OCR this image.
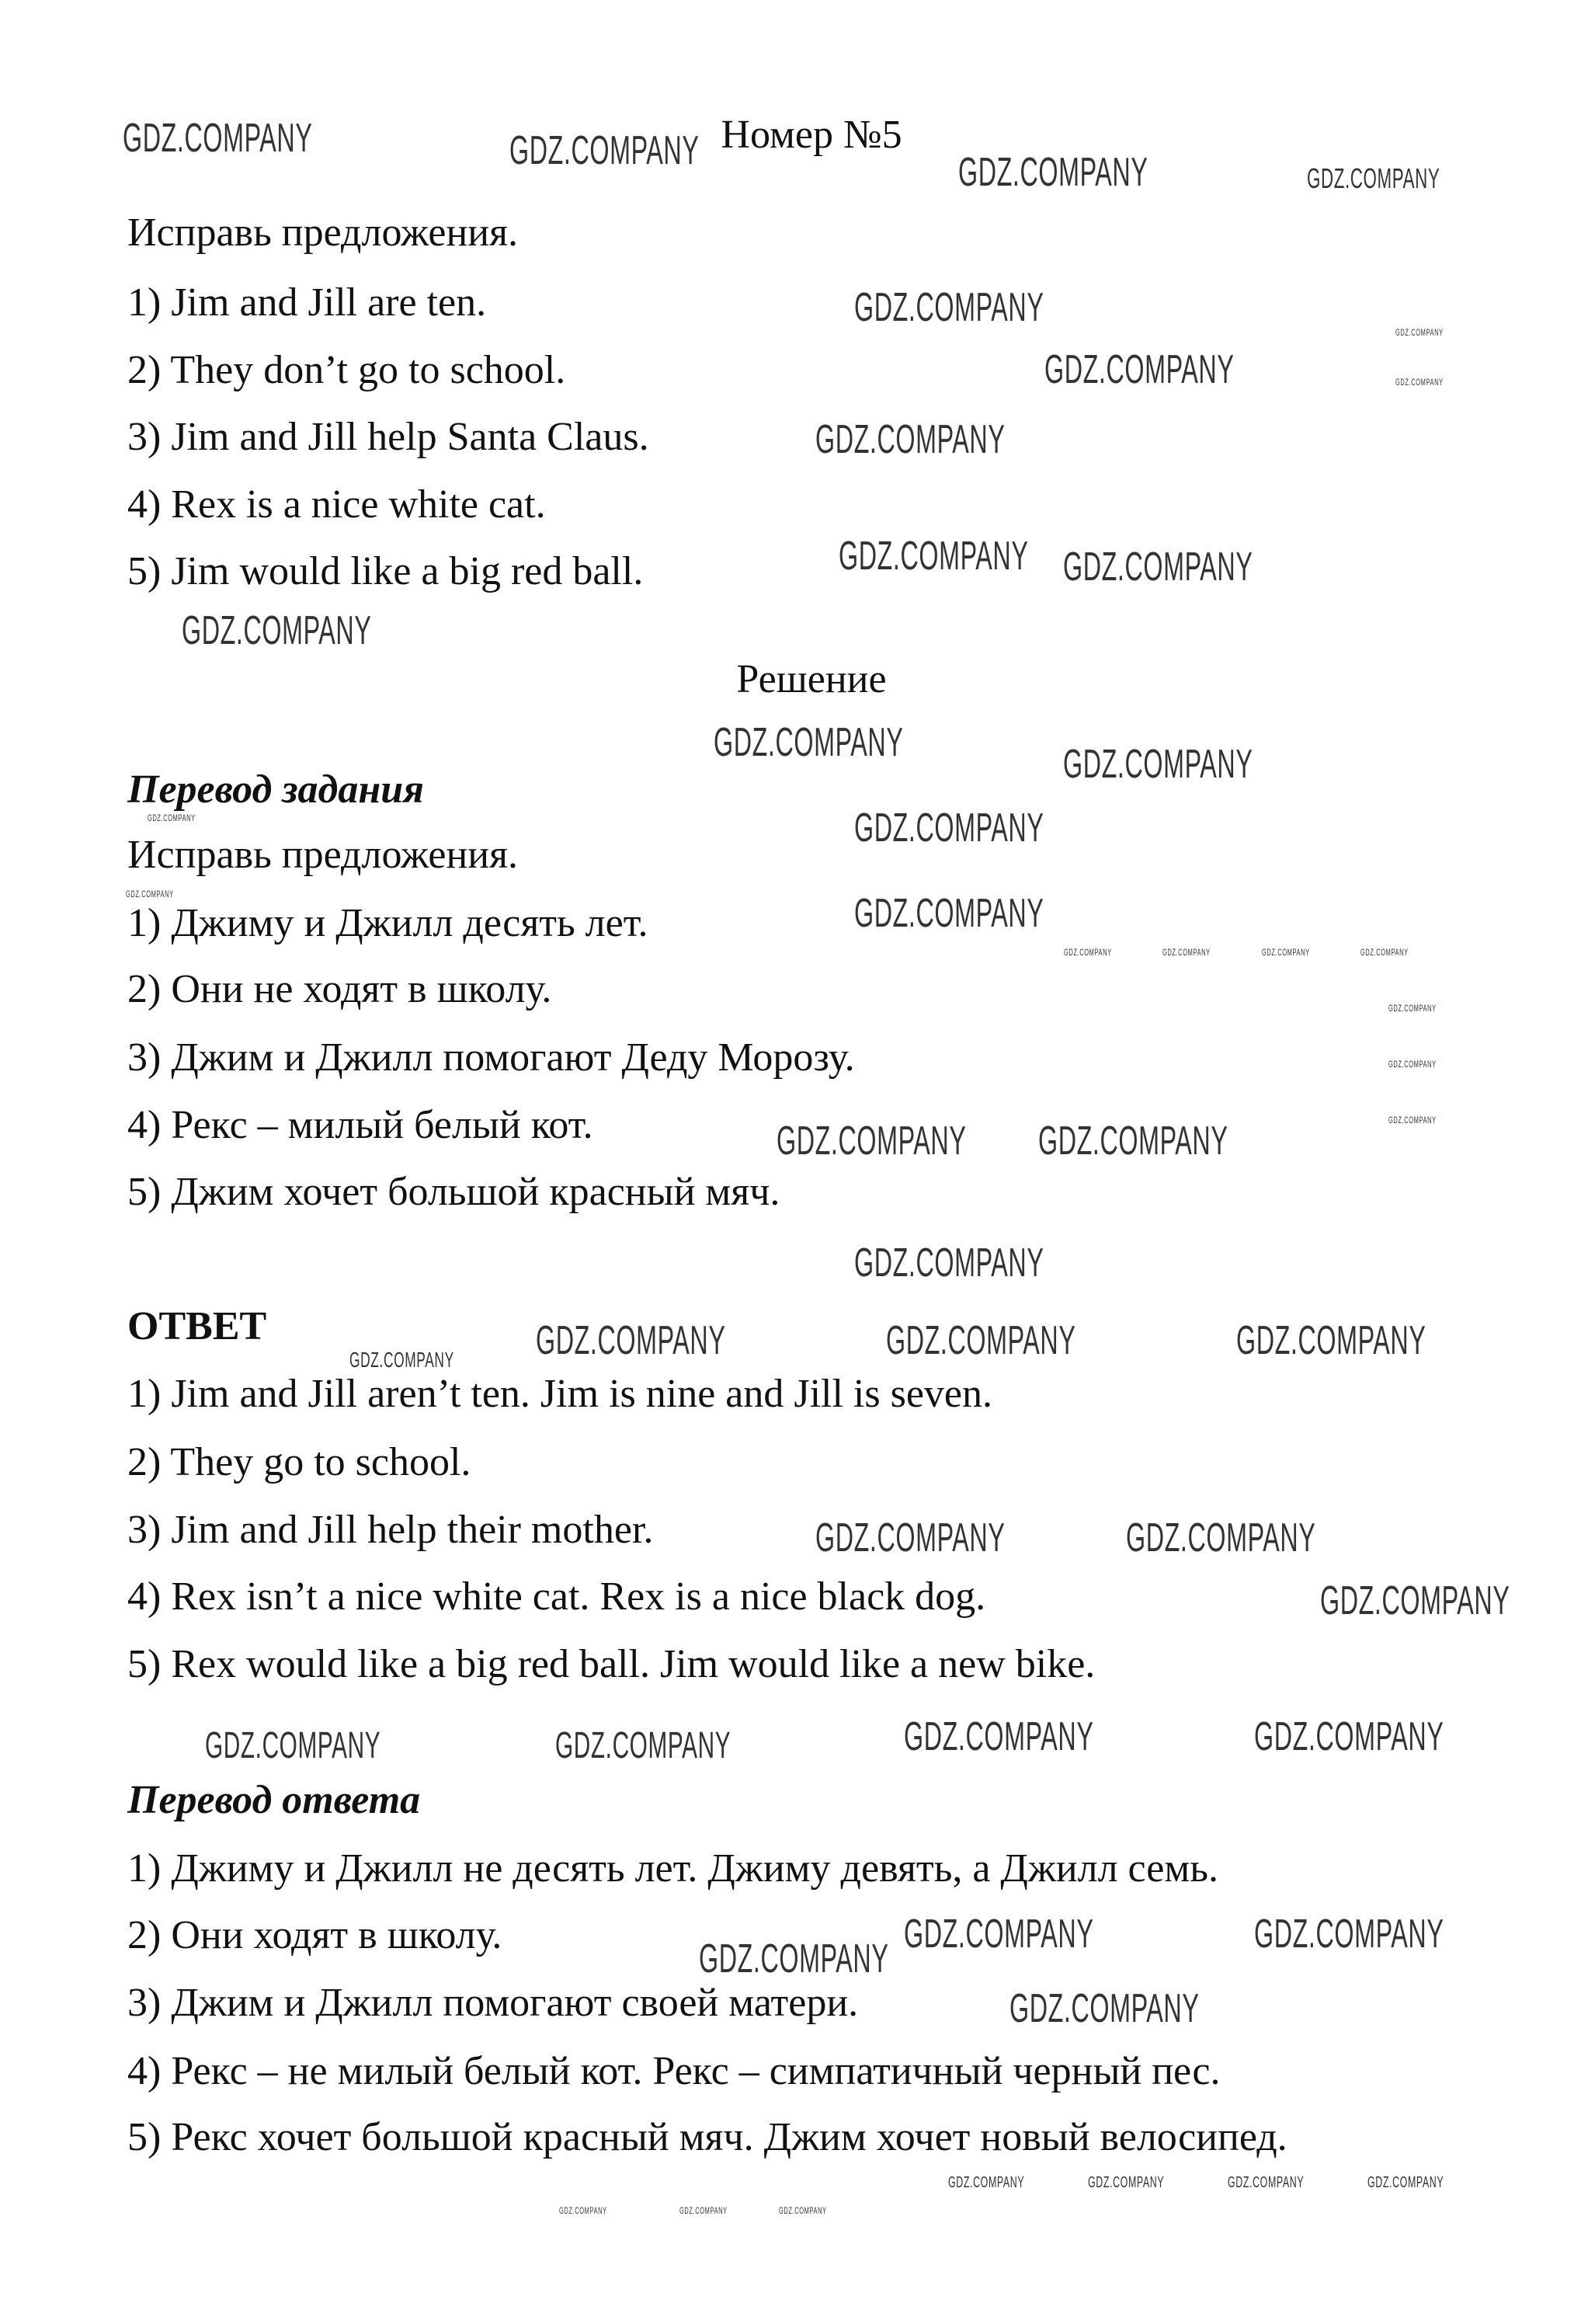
Номер №5
Исправь предложения.
1) Jim and Jill are ten.
2) They don’t go to school.
3) Jim and Jill help Santa Claus.
4) Rex is a nice white cat.
5) Jim would like a big red ball.
Решение
Перевод задания
Исправь предложения.
1) Джиму и Джилл десять лет.
2) Они не ходят в школу.
3) Джим и Джилл помогают Деду Морозу.
4) Рекс – милый белый кот.
5) Джим хочет большой красный мяч.
ОТВЕТ
1) Jim and Jill aren’t ten. Jim is nine and Jill is seven.
2) They go to school.
3) Jim and Jill help their mother.
4) Rex isn’t a nice white cat. Rex is a nice black dog.
5) Rex would like a big red ball. Jim would like a new bike.
Перевод ответа
1) Джиму и Джилл не десять лет. Джиму девять, а Джилл семь.
2) Они ходят в школу.
3) Джим и Джилл помогают своей матери.
4) Рекс – не милый белый кот. Рекс – симпатичный черный пес.
5) Рекс хочет большой красный мяч. Джим хочет новый велосипед.
GDZ.COMPANY	GDZ.COMPANY	GDZ.COMPANY	GDZ.COMPANY
GDZ.COMPANY
GDZ.COMPANY
GDZ.COMPANY
GDZ.COMPANY
GDZ.COMPANY
GDZ.COMPANY GDZ.COMPANY
GDZ.COMPANY
GDZ.COMPANY	GDZ.COMPANY
GDZ.COMPANY	GDZ.COMPANY
GDZ.COMPANY	GDZ.COMPANY
GDZ.COMPANY	GDZ.COMPANY	GDZ.COMPANY	GDZ.COMPANY
GDZ.COMPANY
GDZ.COMPANY
GDZ.COMPANY
GDZ.COMPANY
GDZ.COMPANY GDZ.COMPANY
GDZ.COMPANY	GDZ.COMPANY	GDZ.COMPANY
GDZ.COMPANY
GDZ.COMPANY	GDZ.COMPANY
GDZ.COMPANY
GDZ.COMPANY	GDZ.COMPANY
GDZ.COMPANY	GDZ.COMPANY
GDZ.COMPANY	GDZ.COMPANY
GDZ.COMPANY
GDZ.COMPANY
GDZ.COMPANY	GDZ.COMPANY	GDZ.COMPANY	GDZ.COMPANY
GDZ.COMPANY	GDZ.COMPANY	GDZ.COMPANY
